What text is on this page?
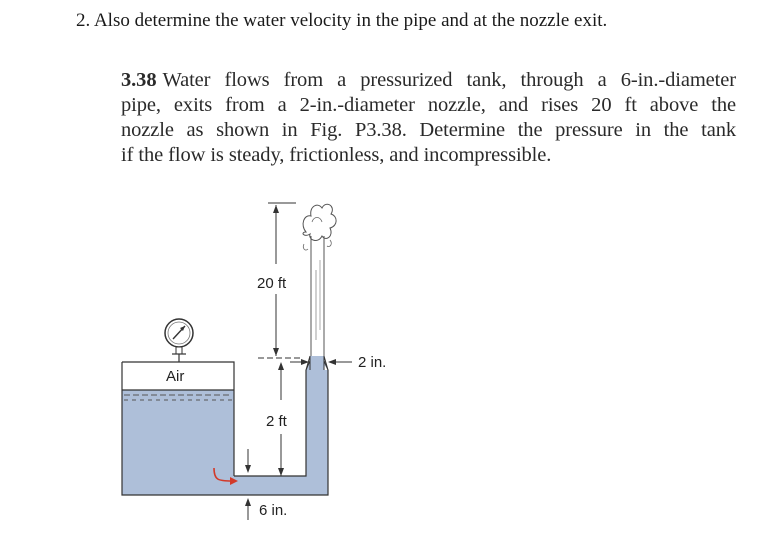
2. Also determine the water velocity in the pipe and at the nozzle exit.
3.38 Water flows from a pressurized tank, through a 6-in.-diameter
pipe, exits from a 2-in.-diameter nozzle, and rises 20 ft above the
nozzle as shown in Fig. P3.38. Determine the pressure in the tank
if the flow is steady, frictionless, and incompressible.
20 ft
2 in.
Air
2 ft
6 in.
